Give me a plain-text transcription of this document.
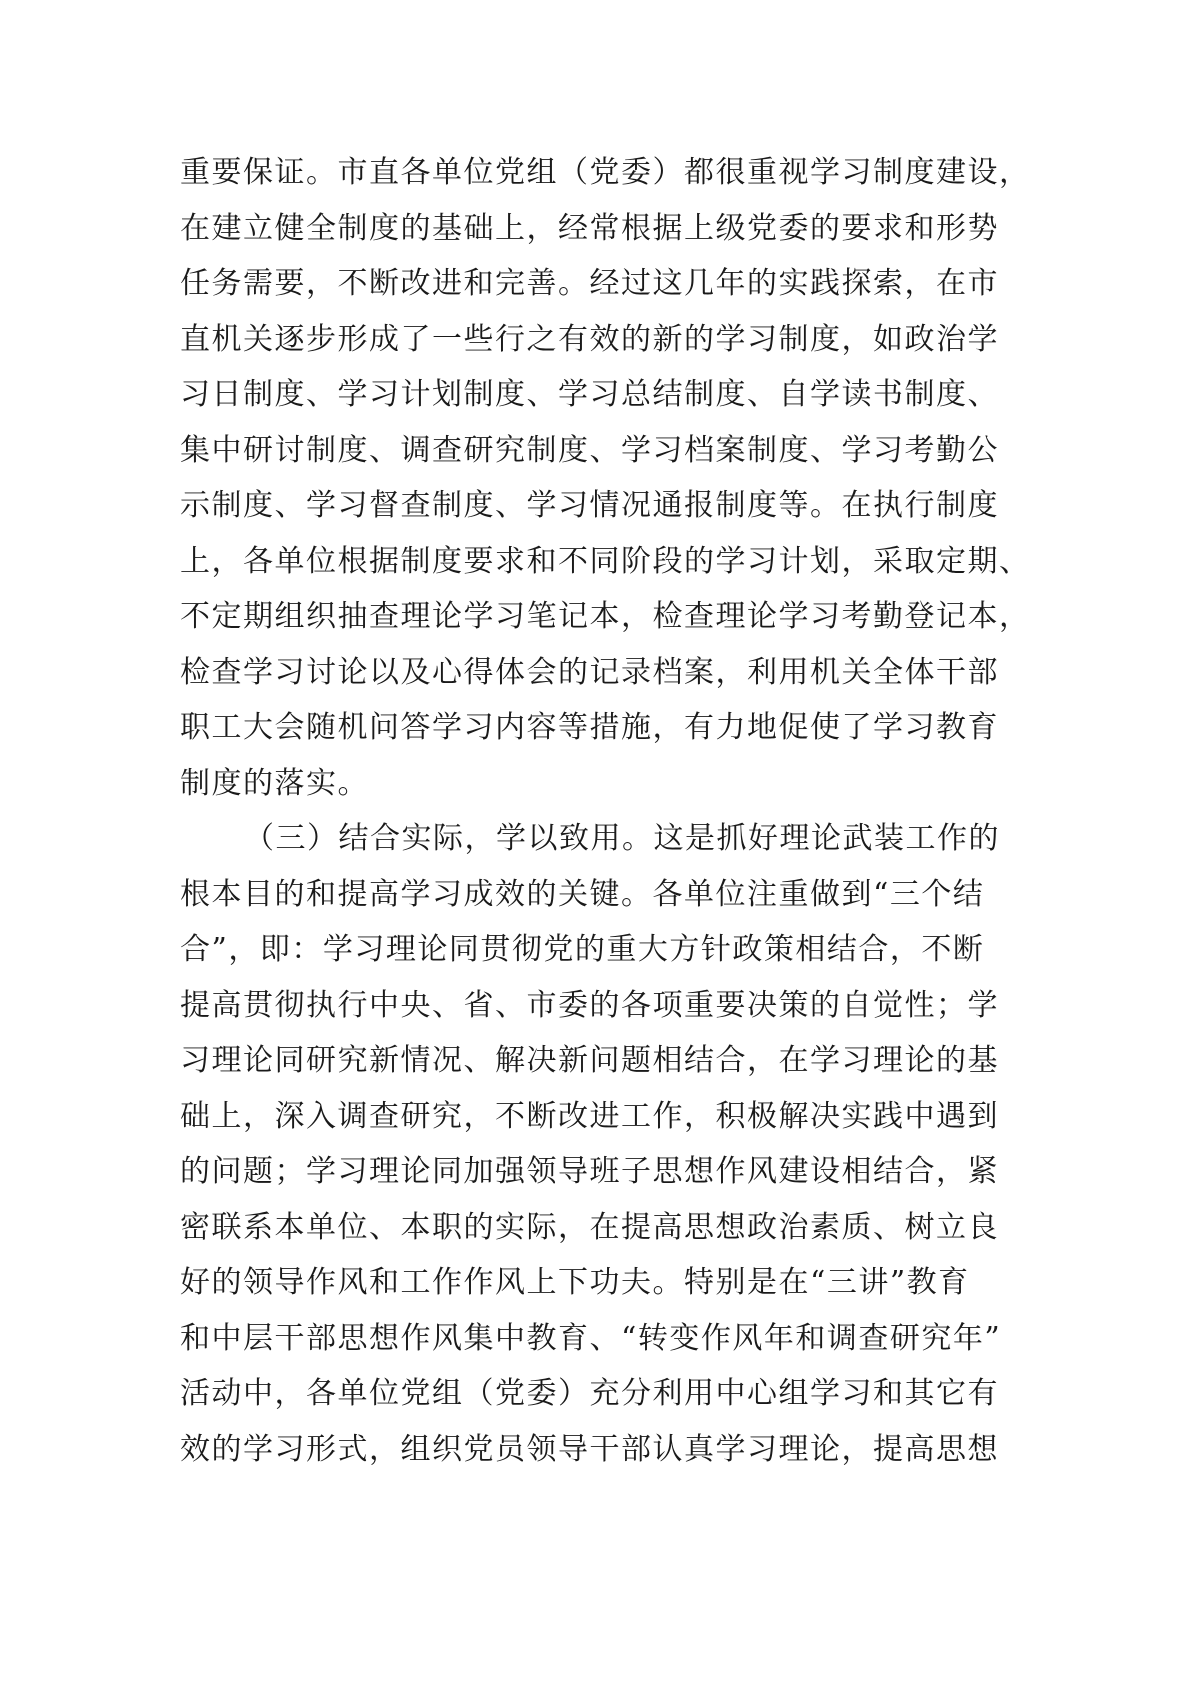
重要保证。市直各单位党组（党委）都很重视学习制度建设，
在建立健全制度的基础上，经常根据上级党委的要求和形势
任务需要，不断改进和完善。经过这几年的实践探索，在市
直机关逐步形成了一些行之有效的新的学习制度，如政治学
习日制度、学习计划制度、学习总结制度、自学读书制度、
集中研讨制度、调查研究制度、学习档案制度、学习考勤公
示制度、学习督查制度、学习情况通报制度等。在执行制度
上，各单位根据制度要求和不同阶段的学习计划，采取定期、
不定期组织抽查理论学习笔记本，检查理论学习考勤登记本，
检查学习讨论以及心得体会的记录档案，利用机关全体干部
职工大会随机问答学习内容等措施，有力地促使了学习教育
制度的落实。
（三）结合实际，学以致用。这是抓好理论武装工作的
根本目的和提高学习成效的关键。各单位注重做到“三个结
合”，即：学习理论同贯彻党的重大方针政策相结合，不断
提高贯彻执行中央、省、市委的各项重要决策的自觉性；学
习理论同研究新情况、解决新问题相结合，在学习理论的基
础上，深入调查研究，不断改进工作，积极解决实践中遇到
的问题；学习理论同加强领导班子思想作风建设相结合，紧
密联系本单位、本职的实际，在提高思想政治素质、树立良
好的领导作风和工作作风上下功夫。特别是在“三讲”教育
和中层干部思想作风集中教育、“转变作风年和调查研究年”
活动中，各单位党组（党委）充分利用中心组学习和其它有
效的学习形式，组织党员领导干部认真学习理论，提高思想
